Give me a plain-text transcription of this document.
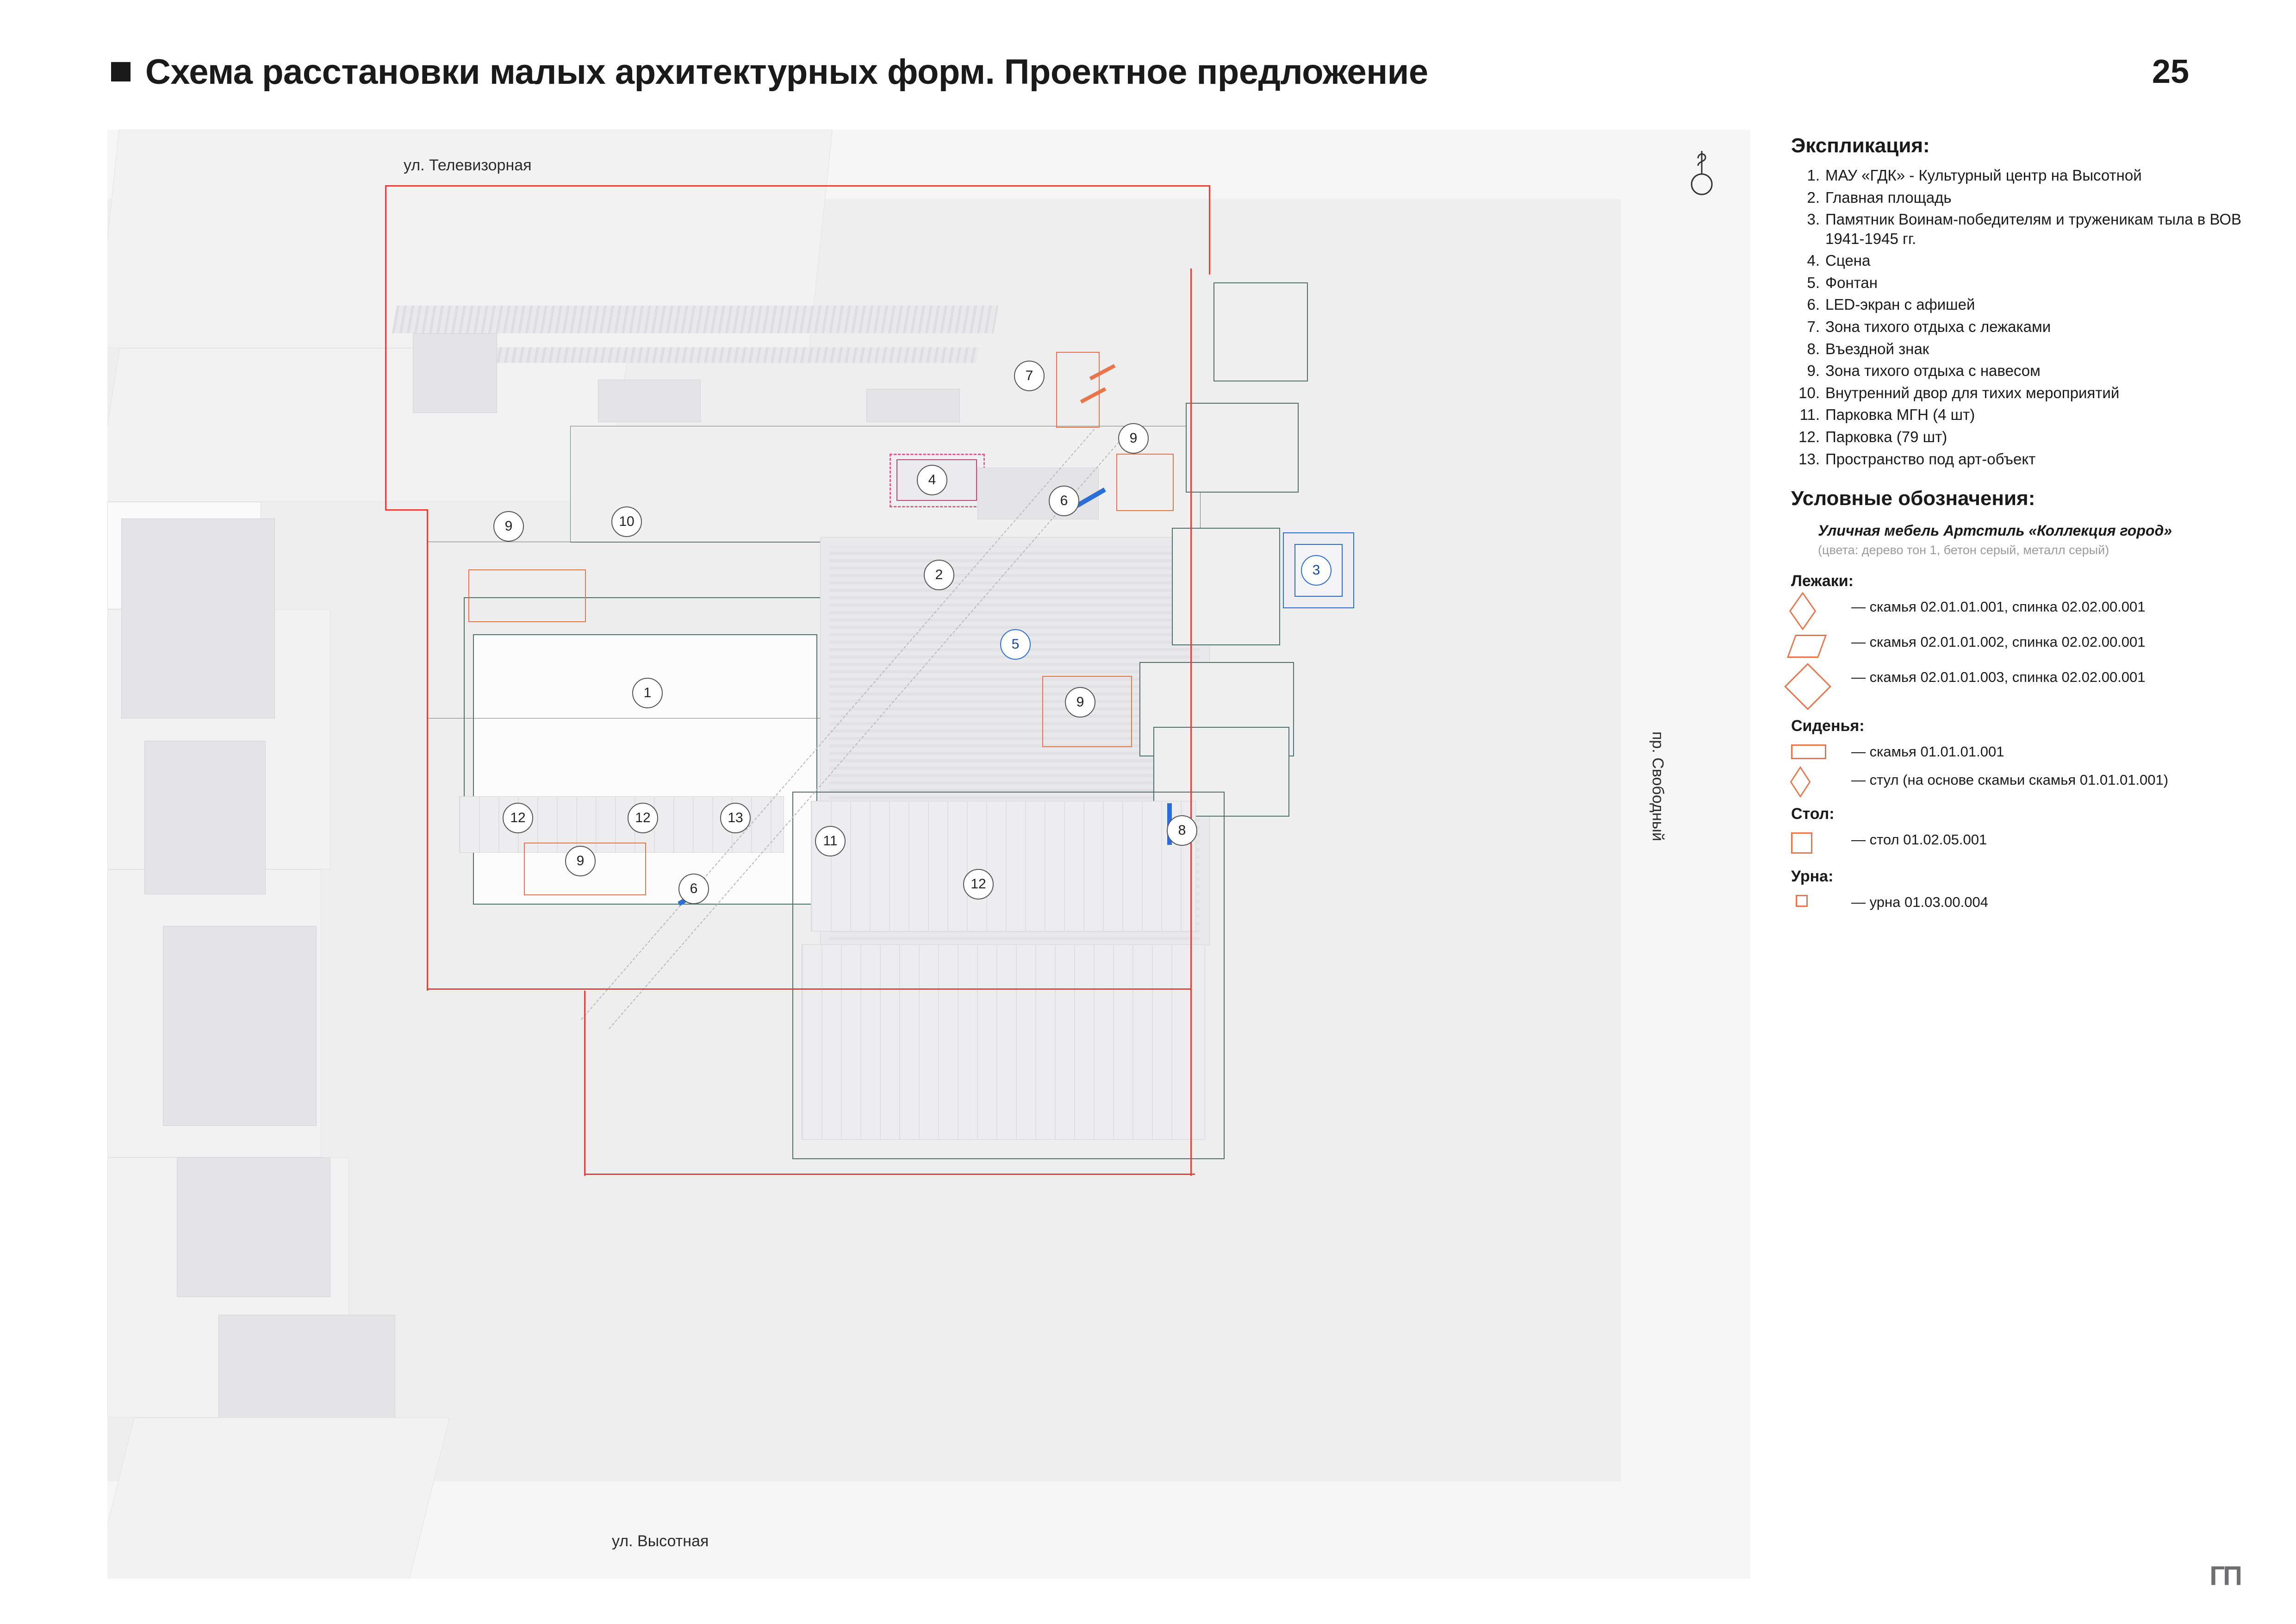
Схема расстановки малых архитектурных форм. Проектное предложение	25
ул. Телевизорная
ул. Высотная
пр. Свободный
7
9
6
4
10
9
3
2
5
1
9
12	12	13
11
8
9
6	12
Экспликация:
1. МАУ «ГДК» - Культурный центр на Высотной
2. Главная площадь
3. Памятник Воинам-победителям и труженикам тыла в ВОВ 1941-1945 гг.
4. Сцена
5. Фонтан
6. LED-экран с афишей
7. Зона тихого отдыха с лежаками
8. Въездной знак
9. Зона тихого отдыха с навесом
10. Внутренний двор для тихих мероприятий
11. Парковка МГН (4 шт)
12. Парковка (79 шт)
13. Пространство под арт-объект
Условные обозначения:
Уличная мебель Артстиль «Коллекция город»
(цвета: дерево тон 1, бетон серый, металл серый)
Лежаки:
— скамья 02.01.01.001, спинка 02.02.00.001
— скамья 02.01.01.002, спинка 02.02.00.001
— скамья 02.01.01.003, спинка 02.02.00.001
Сиденья:
— скамья 01.01.01.001
— стул (на основе скамьи скамья 01.01.01.001)
Стол:
— стол 01.02.05.001
Урна:
— урна 01.03.00.004
ГП
